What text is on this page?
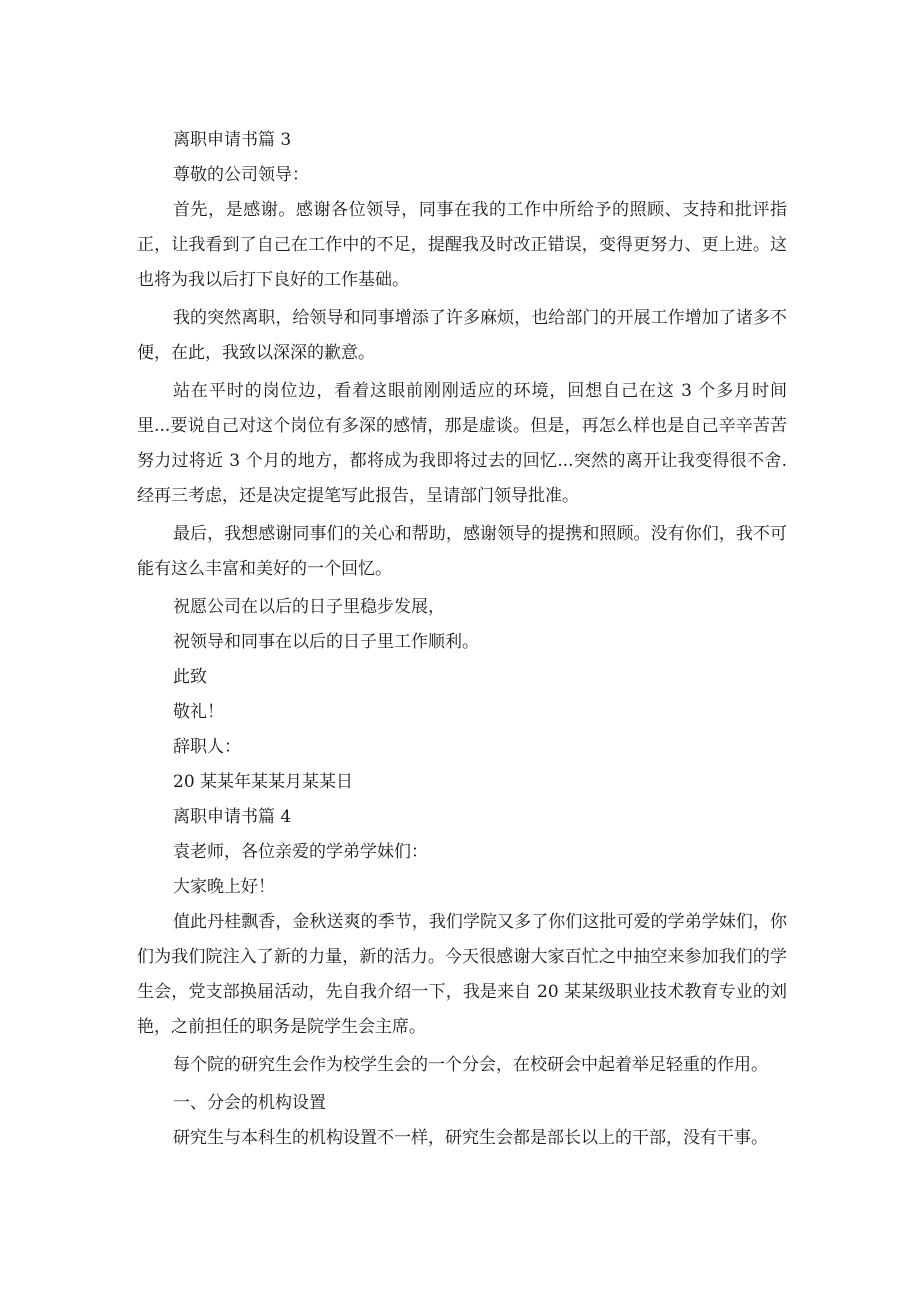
离职申请书篇 3
尊敬的公司领导：

首先，是感谢。感谢各位领导，同事在我的工作中所给予的照顾、支持和批评指正，让我看到了自己在工作中的不足，提醒我及时改正错误，变得更努力、更上进。这也将为我以后打下良好的工作基础。

我的突然离职，给领导和同事增添了许多麻烦，也给部门的开展工作增加了诸多不便，在此，我致以深深的歉意。

站在平时的岗位边，看着这眼前刚刚适应的环境，回想自己在这 3 个多月时间里...要说自己对这个岗位有多深的感情，那是虚谈。但是，再怎么样也是自己辛辛苦苦努力过将近 3 个月的地方，都将成为我即将过去的回忆...突然的离开让我变得很不舍.经再三考虑，还是决定提笔写此报告，呈请部门领导批准。

最后，我想感谢同事们的关心和帮助，感谢领导的提携和照顾。没有你们，我不可能有这么丰富和美好的一个回忆。

祝愿公司在以后的日子里稳步发展，
祝领导和同事在以后的日子里工作顺利。
此致
敬礼！
辞职人：
20 某某年某某月某某日
离职申请书篇 4
袁老师，各位亲爱的学弟学妹们：
大家晚上好！

值此丹桂飘香，金秋送爽的季节，我们学院又多了你们这批可爱的学弟学妹们，你们为我们院注入了新的力量，新的活力。今天很感谢大家百忙之中抽空来参加我们的学生会，党支部换届活动，先自我介绍一下，我是来自 20 某某级职业技术教育专业的刘艳，之前担任的职务是院学生会主席。

每个院的研究生会作为校学生会的一个分会，在校研会中起着举足轻重的作用。

一、分会的机构设置

研究生与本科生的机构设置不一样，研究生会都是部长以上的干部，没有干事。
